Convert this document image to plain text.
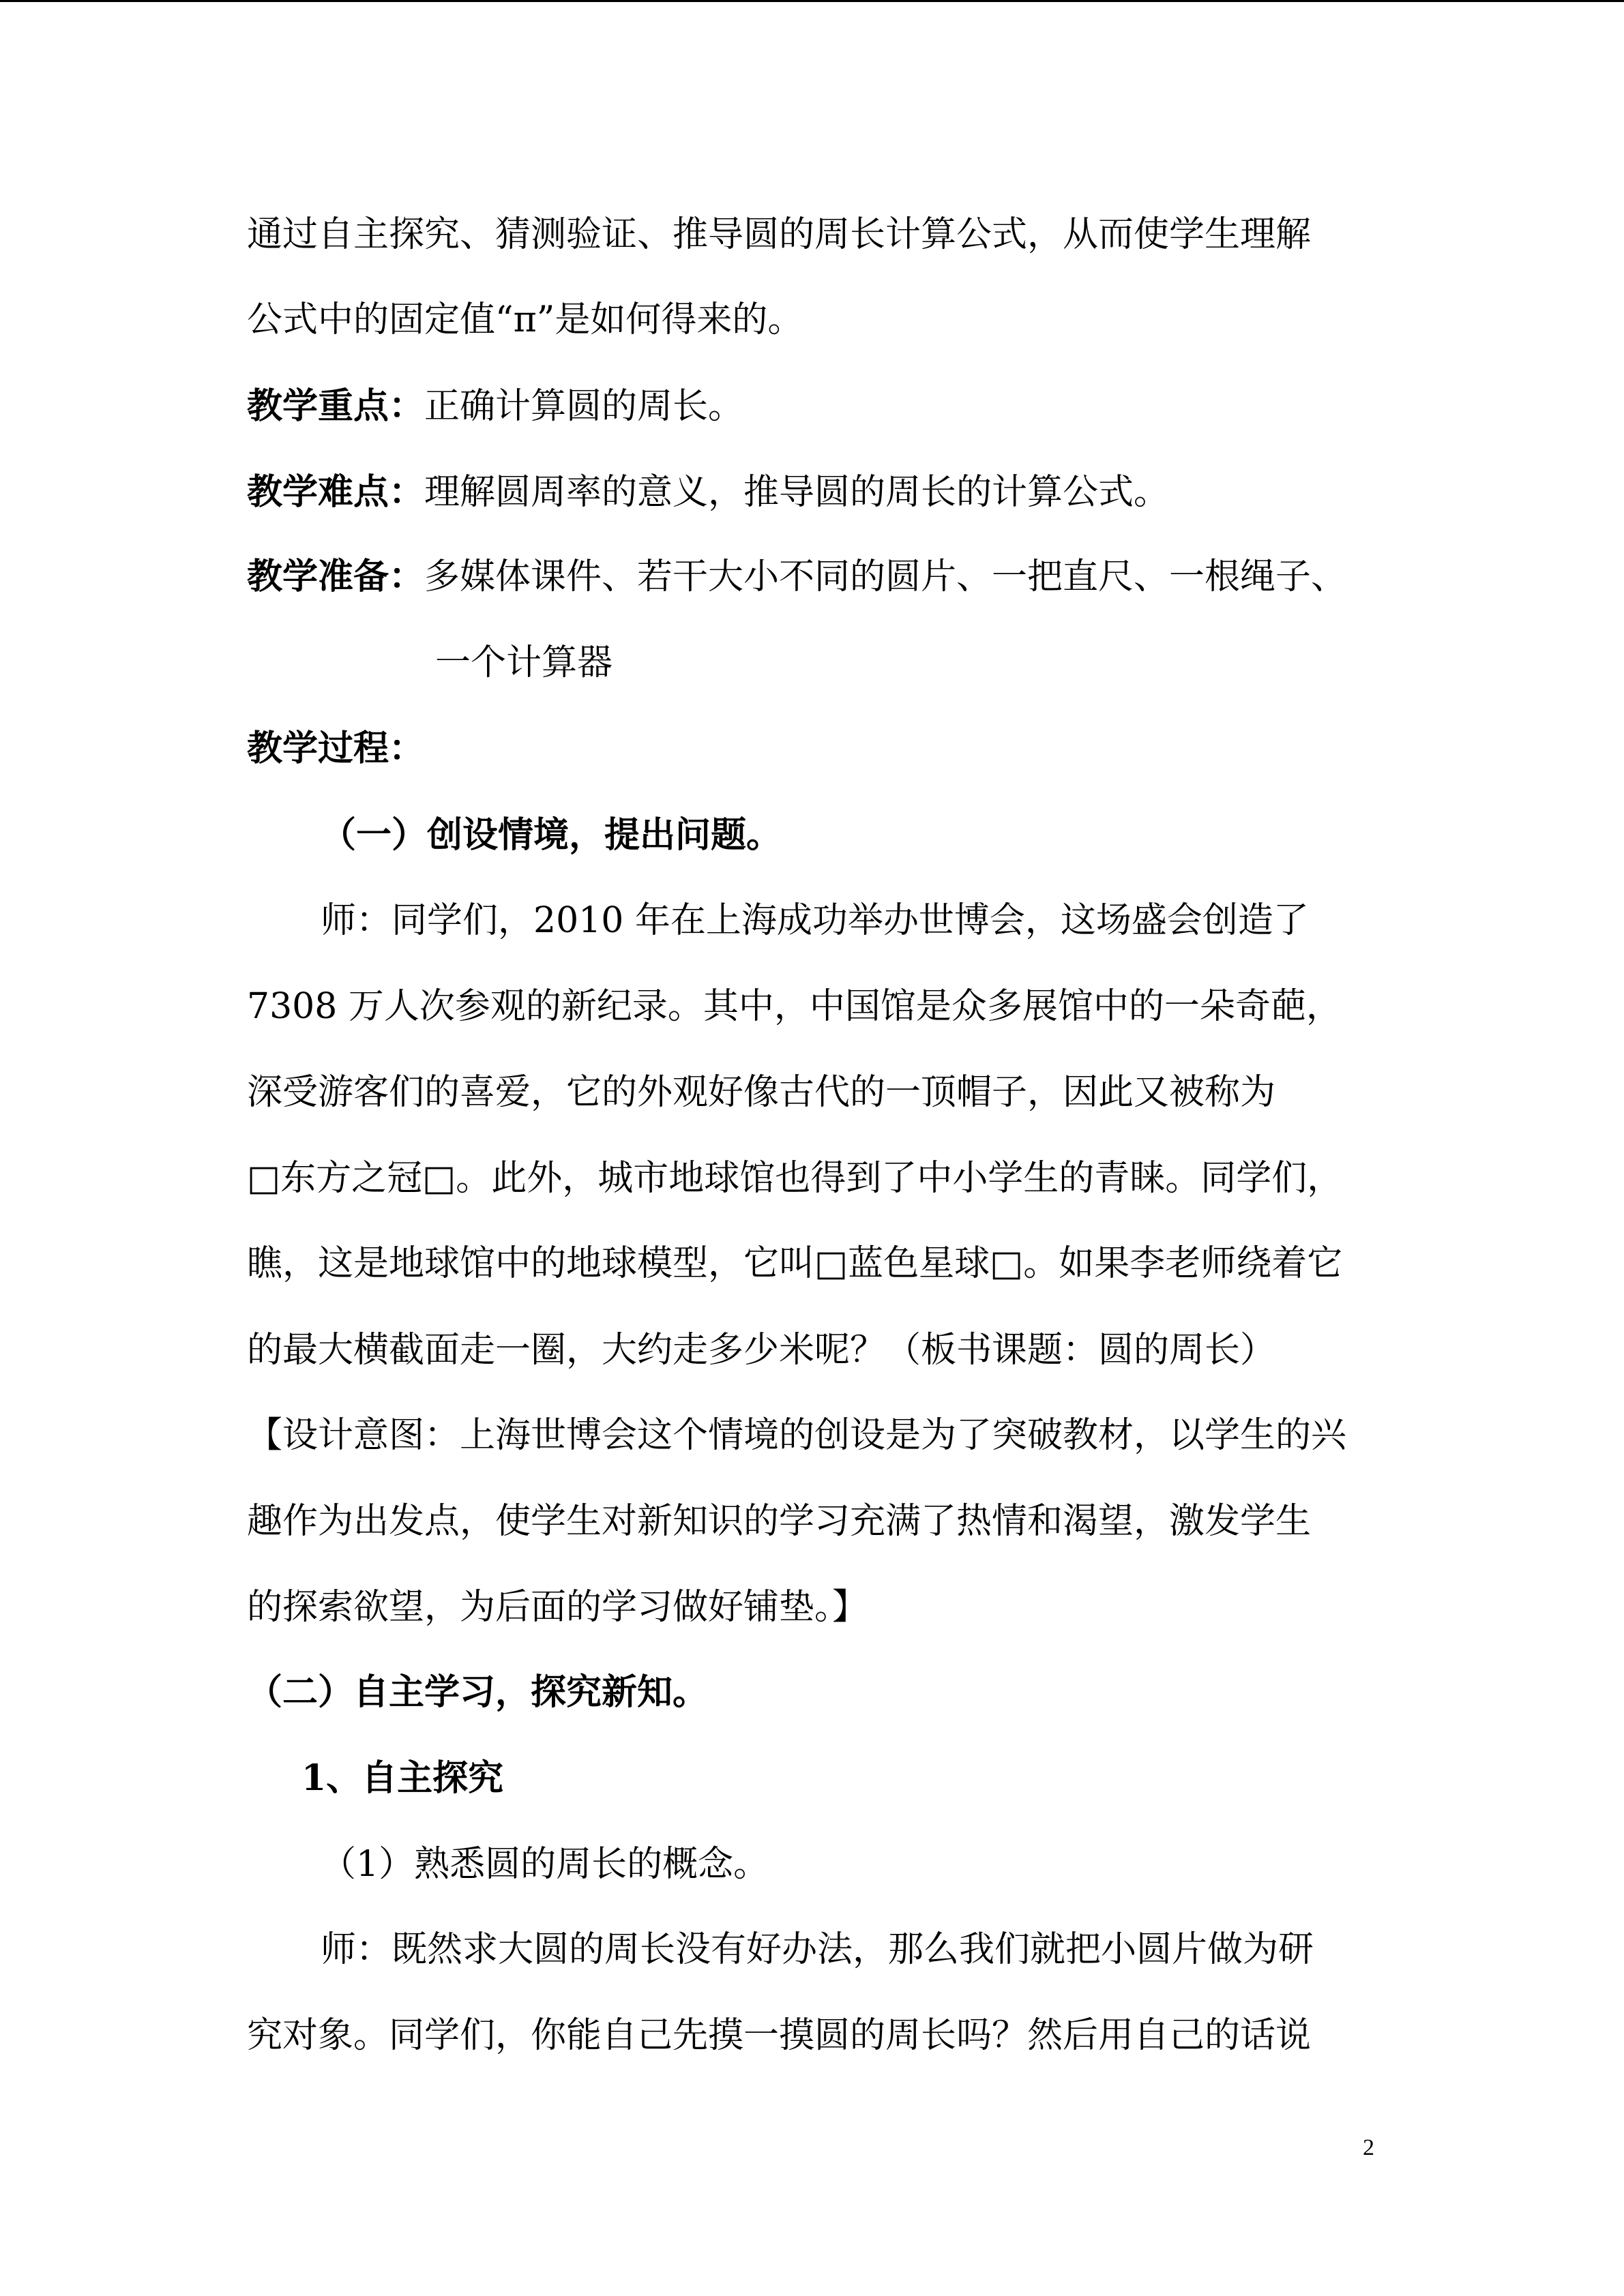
通过自主探究、猜测验证、推导圆的周长计算公式，从而使学生理解

公式中的固定值“π”是如何得来的。

教学重点：正确计算圆的周长。

教学难点：理解圆周率的意义，推导圆的周长的计算公式。

教学准备：多媒体课件、若干大小不同的圆片、一把直尺、一根绳子、

一个计算器

教学过程：

（一）创设情境，提出问题。

师：同学们，2010 年在上海成功举办世博会，这场盛会创造了

7308 万人次参观的新纪录。其中，中国馆是众多展馆中的一朵奇葩，

深受游客们的喜爱，它的外观好像古代的一顶帽子，因此又被称为

□东方之冠□。此外，城市地球馆也得到了中小学生的青睐。同学们，

瞧，这是地球馆中的地球模型，它叫□蓝色星球□。如果李老师绕着它

的最大横截面走一圈，大约走多少米呢？（板书课题：圆的周长）

【设计意图：上海世博会这个情境的创设是为了突破教材，以学生的兴

趣作为出发点，使学生对新知识的学习充满了热情和渴望，激发学生

的探索欲望，为后面的学习做好铺垫。】

（二）自主学习，探究新知。

1、自主探究

（1）熟悉圆的周长的概念。

师：既然求大圆的周长没有好办法，那么我们就把小圆片做为研

究对象。同学们，你能自己先摸一摸圆的周长吗？然后用自己的话说

2
